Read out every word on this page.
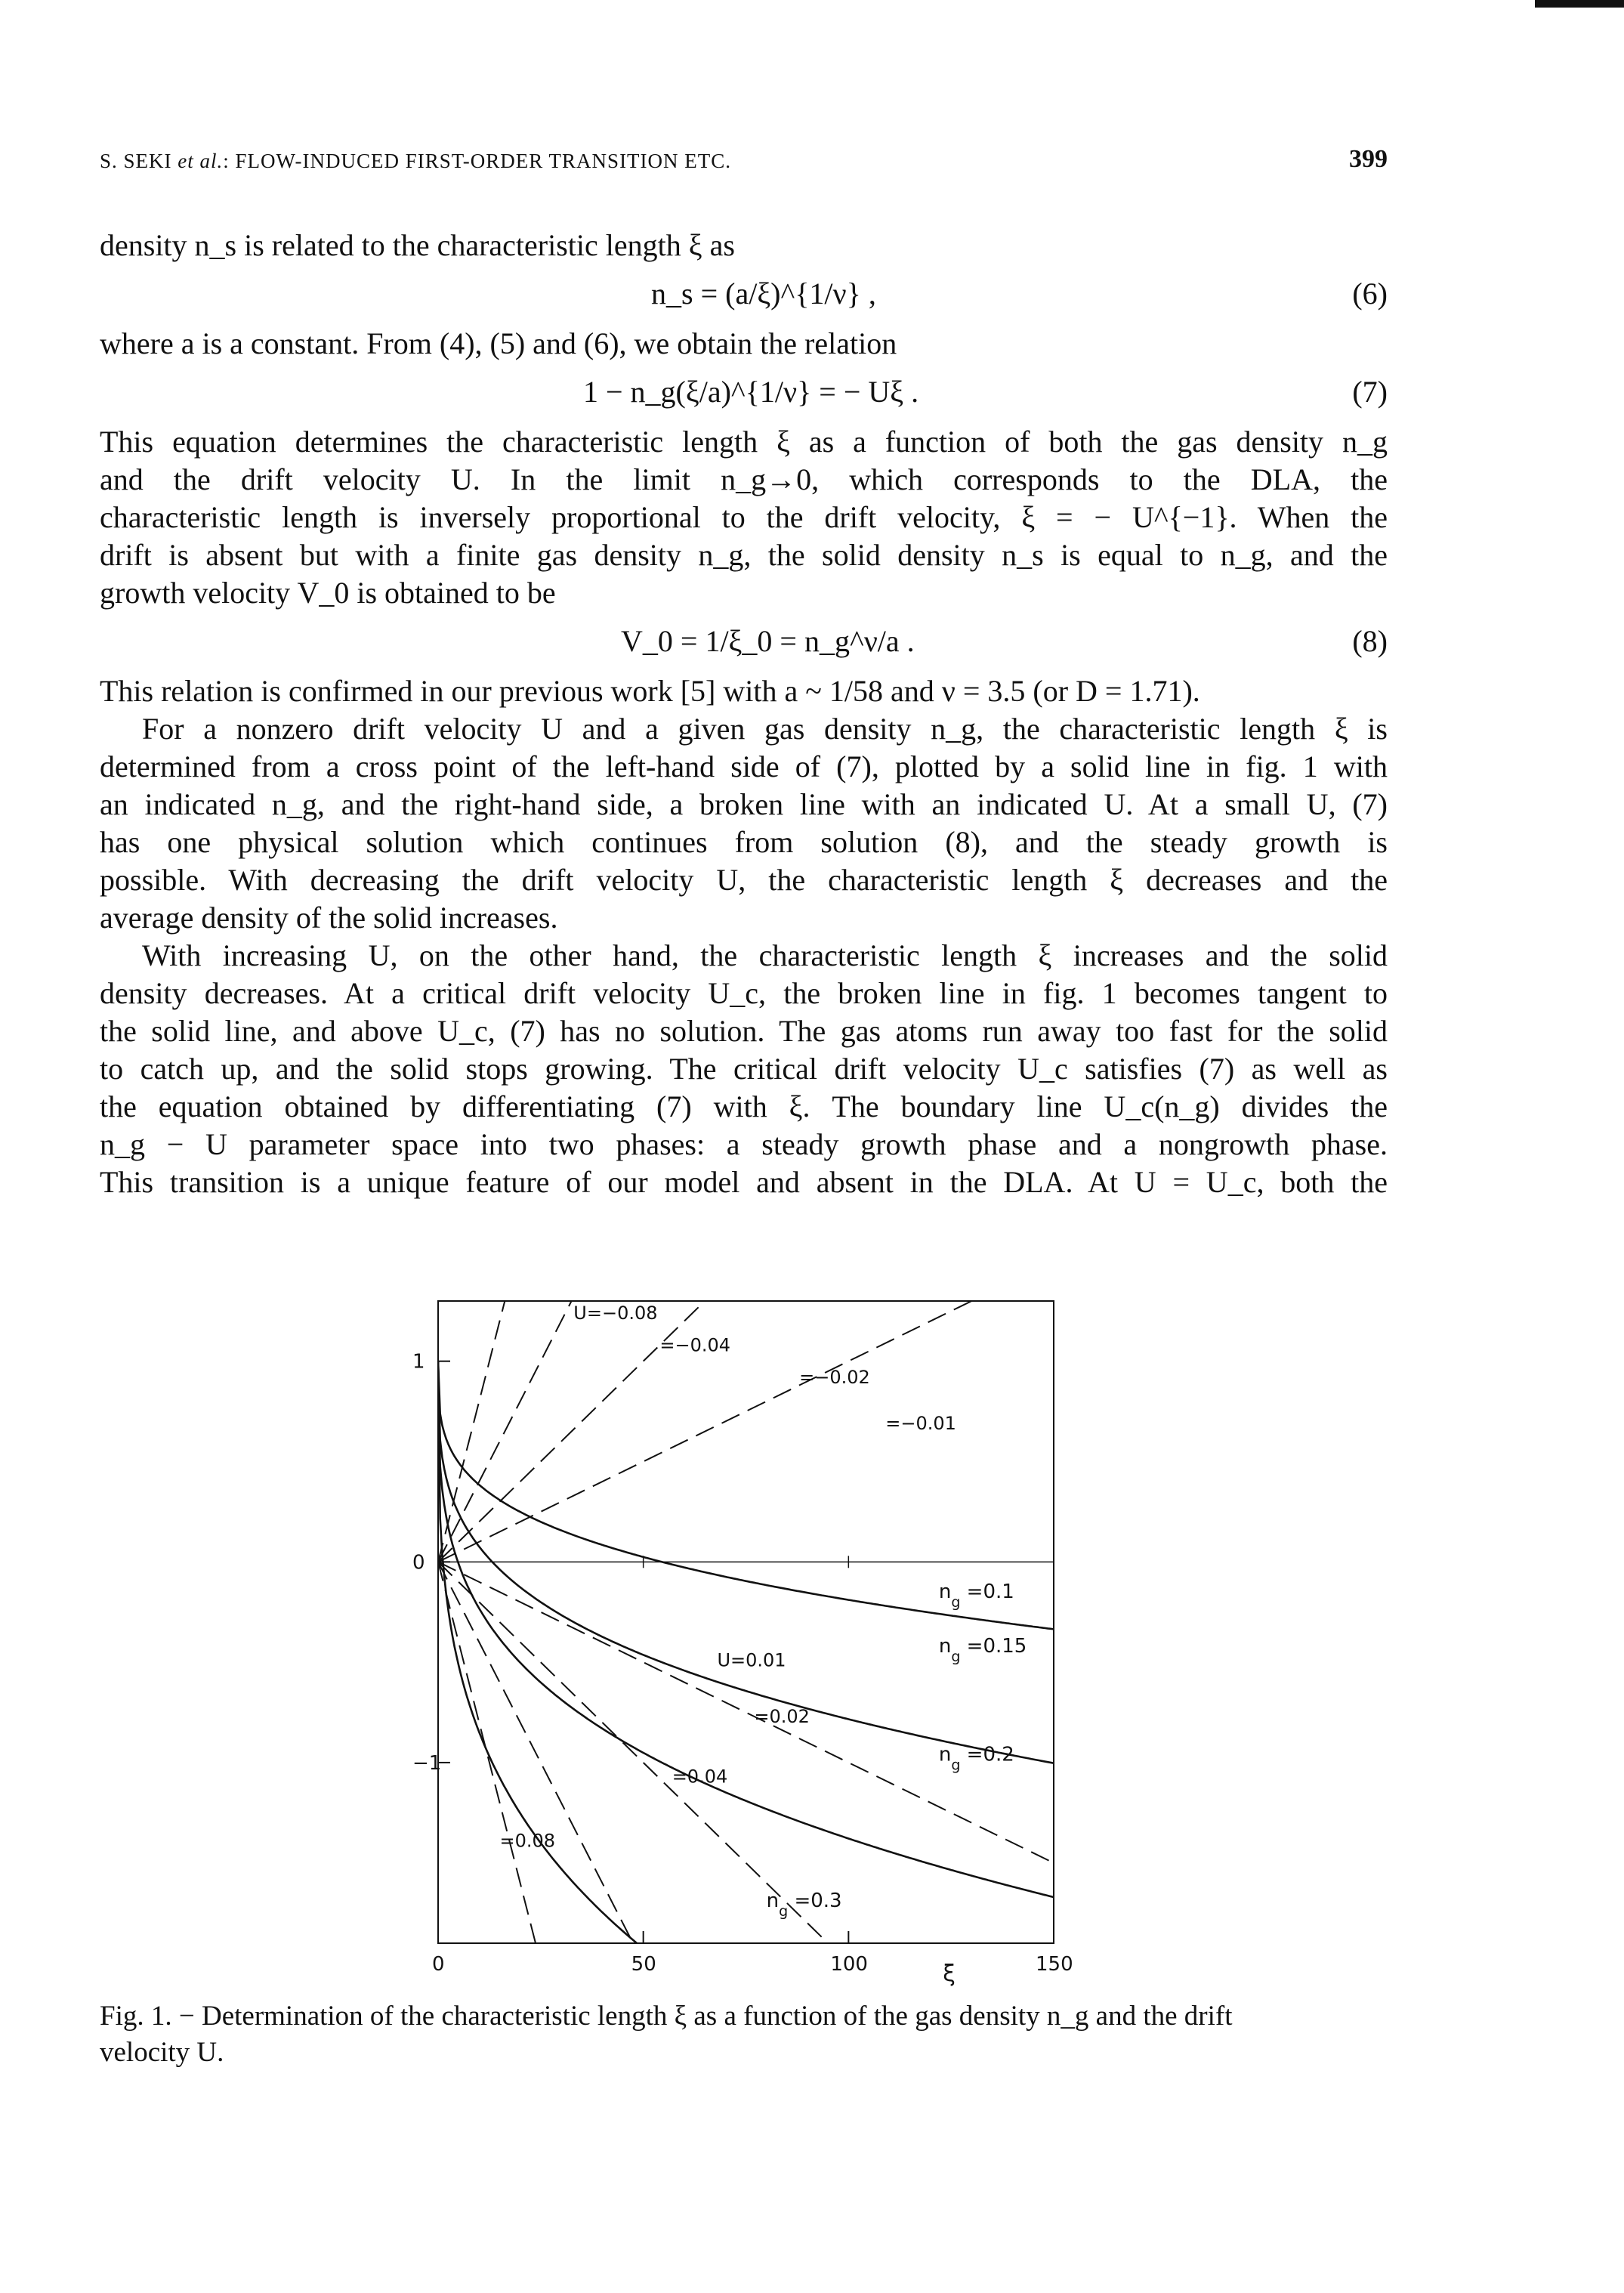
S. SEKI et al.: FLOW-INDUCED FIRST-ORDER TRANSITION ETC.	399
density n_s is related to the characteristic length ξ as
n_s = (a/ξ)^{1/ν} ,	(6)
where a is a constant. From (4), (5) and (6), we obtain the relation
1 − n_g(ξ/a)^{1/ν} = − Uξ .	(7)
This equation determines the characteristic length ξ as a function of both the gas density n_g
and the drift velocity U. In the limit n_g→0, which corresponds to the DLA, the
characteristic length is inversely proportional to the drift velocity, ξ = − U^{−1}. When the
drift is absent but with a finite gas density n_g, the solid density n_s is equal to n_g, and the
growth velocity V_0 is obtained to be
V_0 = 1/ξ_0 = n_g^ν/a .	(8)
This relation is confirmed in our previous work [5] with a ~ 1/58 and ν = 3.5 (or D = 1.71).
For a nonzero drift velocity U and a given gas density n_g, the characteristic length ξ is
determined from a cross point of the left-hand side of (7), plotted by a solid line in fig. 1 with
an indicated n_g, and the right-hand side, a broken line with an indicated U. At a small U, (7)
has one physical solution which continues from solution (8), and the steady growth is
possible. With decreasing the drift velocity U, the characteristic length ξ decreases and the
average density of the solid increases.
With increasing U, on the other hand, the characteristic length ξ increases and the solid
density decreases. At a critical drift velocity U_c, the broken line in fig. 1 becomes tangent to
the solid line, and above U_c, (7) has no solution. The gas atoms run away too fast for the solid
to catch up, and the solid stops growing. The critical drift velocity U_c satisfies (7) as well as
the equation obtained by differentiating (7) with ξ. The boundary line U_c(n_g) divides the
n_g − U parameter space into two phases: a steady growth phase and a nongrowth phase.
This transition is a unique feature of our model and absent in the DLA. At U = U_c, both the
0	50	100	150
1
0
−1
ξ
$n_g =0.1$
$n_g =0.15$
$n_g =0.2$
$n_g =0.3$
U=−0.08
=−0.04
=−0.02
=−0.01
U=0.01
=0.02
=0.04
=0.08
Fig. 1. − Determination of the characteristic length ξ as a function of the gas density n_g and the drift
velocity U.
